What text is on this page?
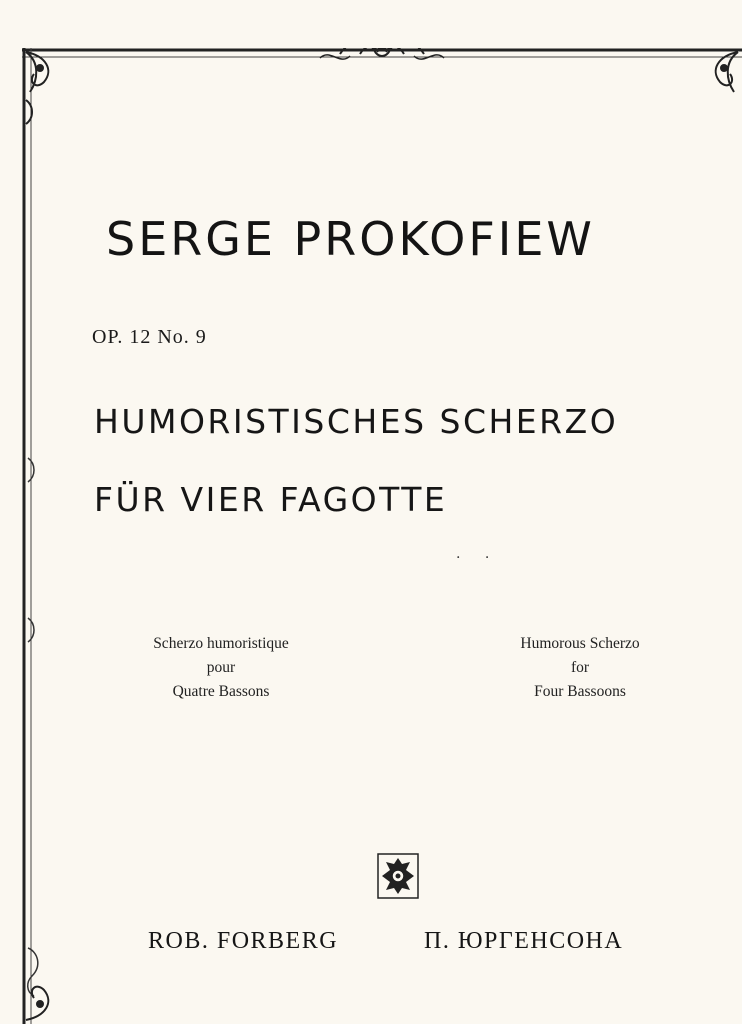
SERGE PROKOFIEW
OP. 12 No. 9
HUMORISTISCHES SCHERZO
FÜR VIER FAGOTTE
. .
Scherzo humoristique
pour
Quatre Bassons
Humorous Scherzo
for
Four Bassoons
ROB. FORBERG	П. ЮРГЕНСОНА
